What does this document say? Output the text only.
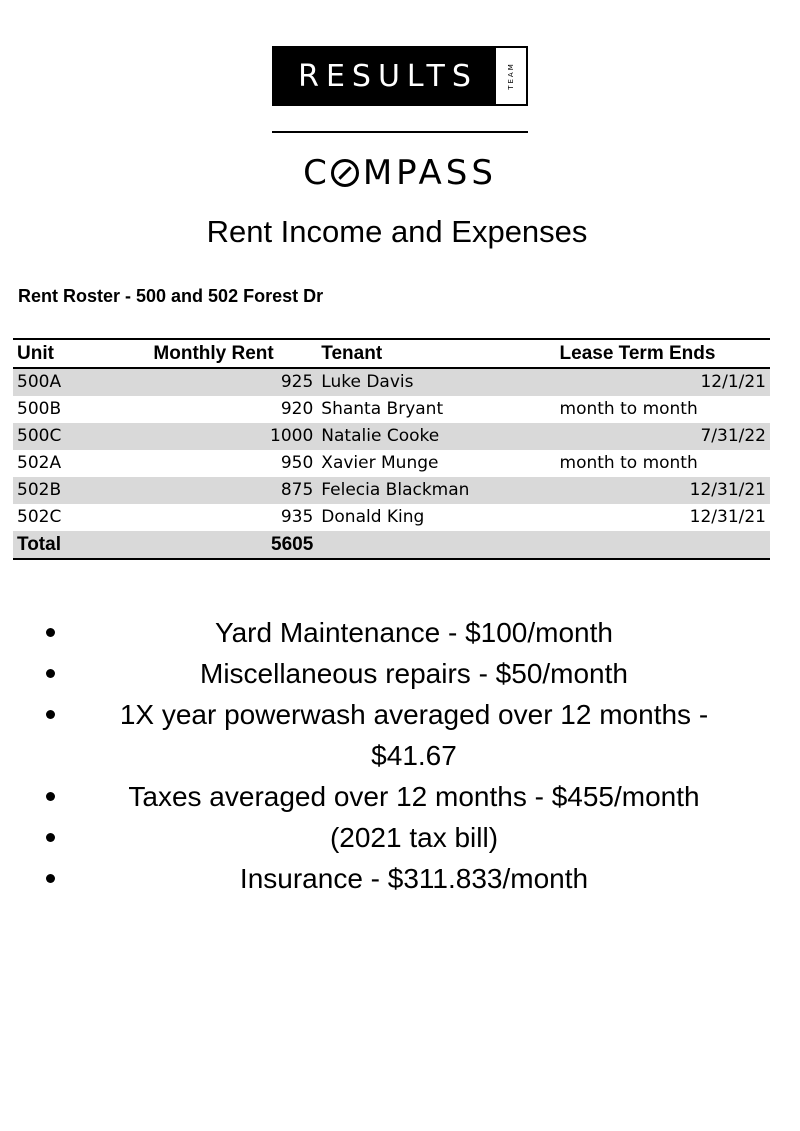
RESULTS	TEAM
C MPASS
Rent Income and Expenses
Rent Roster - 500 and 502 Forest Dr
Unit	Monthly Rent	Tenant	Lease Term Ends
500A	925	Luke Davis	12/1/21
500B	920	Shanta Bryant	month to month
500C	1000	Natalie Cooke	7/31/22
502A	950	Xavier Munge	month to month
502B	875	Felecia Blackman	12/31/21
502C	935	Donald King	12/31/21
Total	5605		
Yard Maintenance - $100/month
Miscellaneous repairs - $50/month
1X year powerwash averaged over 12 months -
$41.67
Taxes averaged over 12 months - $455/month
(2021 tax bill)
Insurance - $311.833/month
